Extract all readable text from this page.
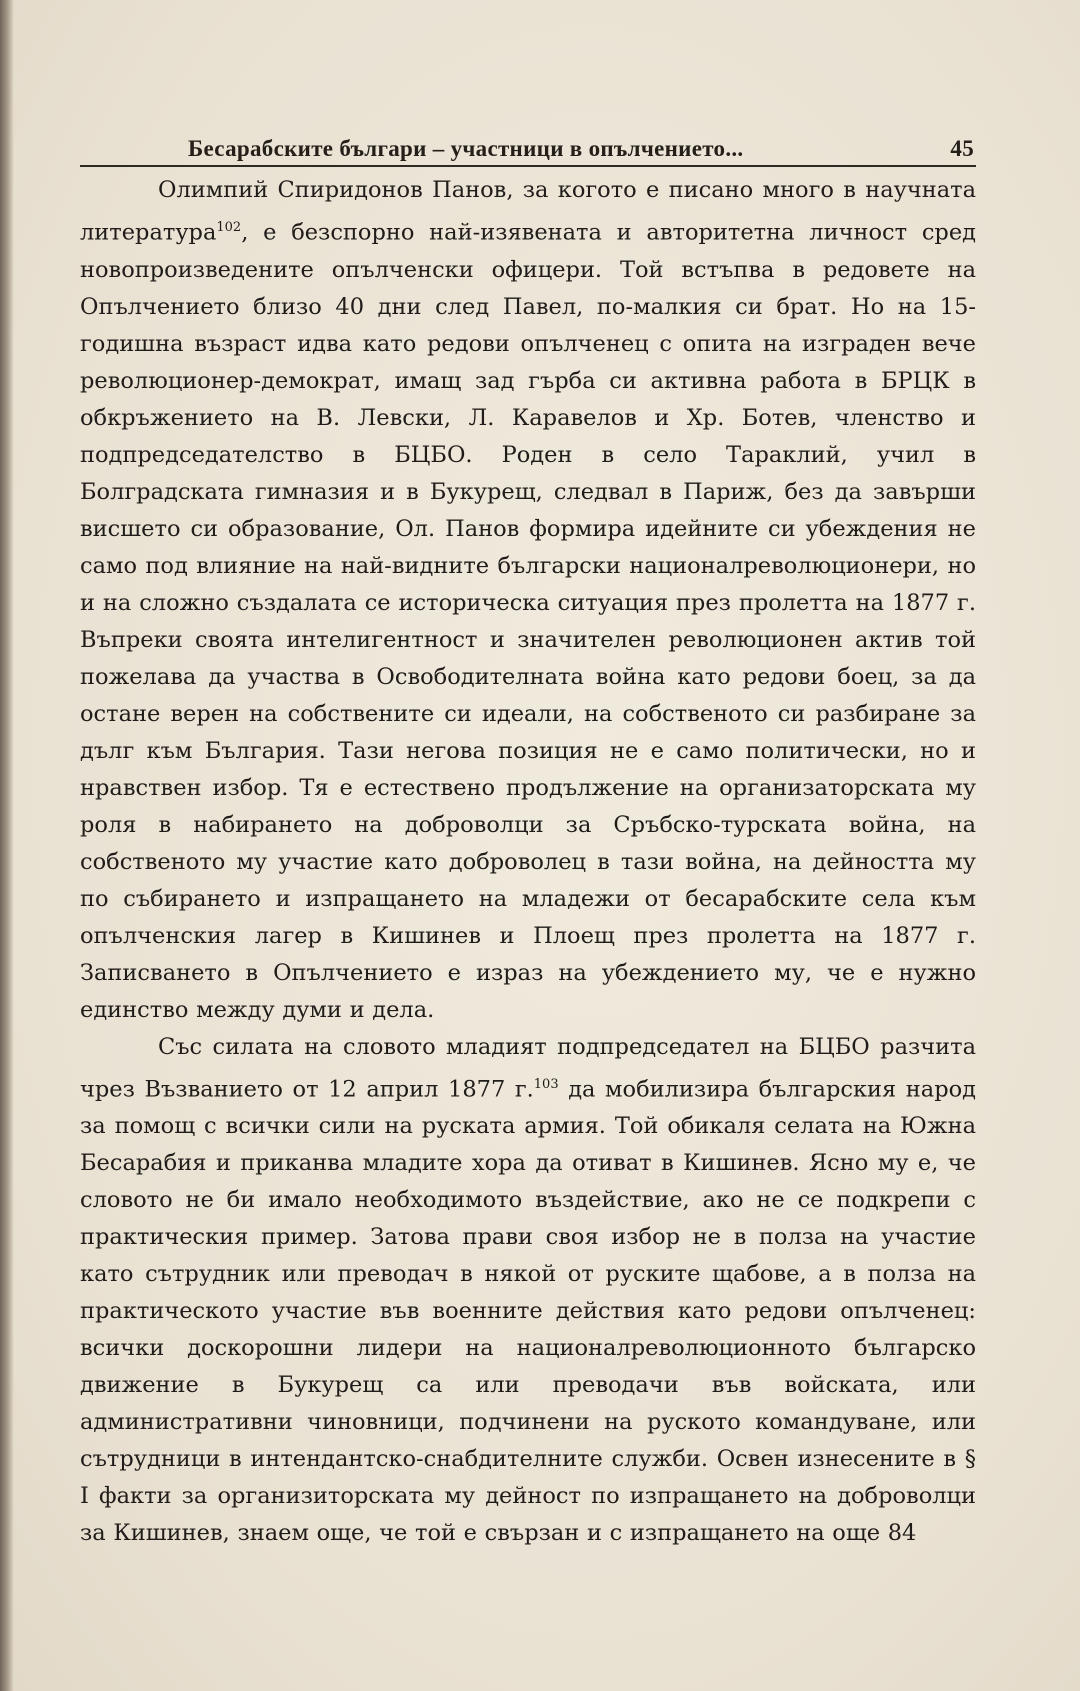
Бесарабските българи – участници в опълчението...	45

Олимпий Спиридонов Панов, за когото е писано много в научната литература$^{102}$, е безспорно най-изявената и авторитетна личност сред новопроизведените опълченски офицери. Той встъпва в редовете на Опълчението близо 40 дни след Павел, по-малкия си брат. Но на 15-годишна възраст идва като редови опълченец с опита на изграден вече революционер-демократ, имащ зад гърба си активна работа в БРЦК в обкръжението на В. Левски, Л. Каравелов и Хр. Ботев, членство и подпредседателство в БЦБО. Роден в село Тараклий, учил в Болградската гимназия и в Букурещ, следвал в Париж, без да завърши висшето си образование, Ол. Панов формира идейните си убеждения не само под влияние на най-видните български националреволюционери, но и на сложно създалата се историческа ситуация през пролетта на 1877 г. Въпреки своята интелигентност и значителен революционен актив той пожелава да участва в Освободителната война като редови боец, за да остане верен на собствените си идеали, на собственото си разбиране за дълг към България. Тази негова позиция не е само политически, но и нравствен избор. Тя е естествено продължение на организаторската му роля в набирането на доброволци за Сръбско-турската война, на собственото му участие като доброволец в тази война, на дейността му по събирането и изпращането на младежи от бесарабските села към опълченския лагер в Кишинев и Плоещ през пролетта на 1877 г. Записването в Опълчението е израз на убеждението му, че е нужно единство между думи и дела.

Със силата на словото младият подпредседател на БЦБО разчита чрез Възванието от 12 април 1877 г.$^{103}$ да мобилизира българския народ за помощ с всички сили на руската армия. Той обикаля селата на Южна Бесарабия и приканва младите хора да отиват в Кишинев. Ясно му е, че словото не би имало необходимото въздействие, ако не се подкрепи с практическия пример. Затова прави своя избор не в полза на участие като сътрудник или преводач в някой от руските щабове, а в полза на практическото участие във военните действия като редови опълченец: всички доскорошни лидери на националреволюционното българско движение в Букурещ са или преводачи във войската, или административни чиновници, подчинени на руското командуване, или сътрудници в интендантско-снабдителните служби. Освен изнесените в § I факти за организиторската му дейност по изпращането на доброволци за Кишинев, знаем още, че той е свързан и с изпращането на още 84
